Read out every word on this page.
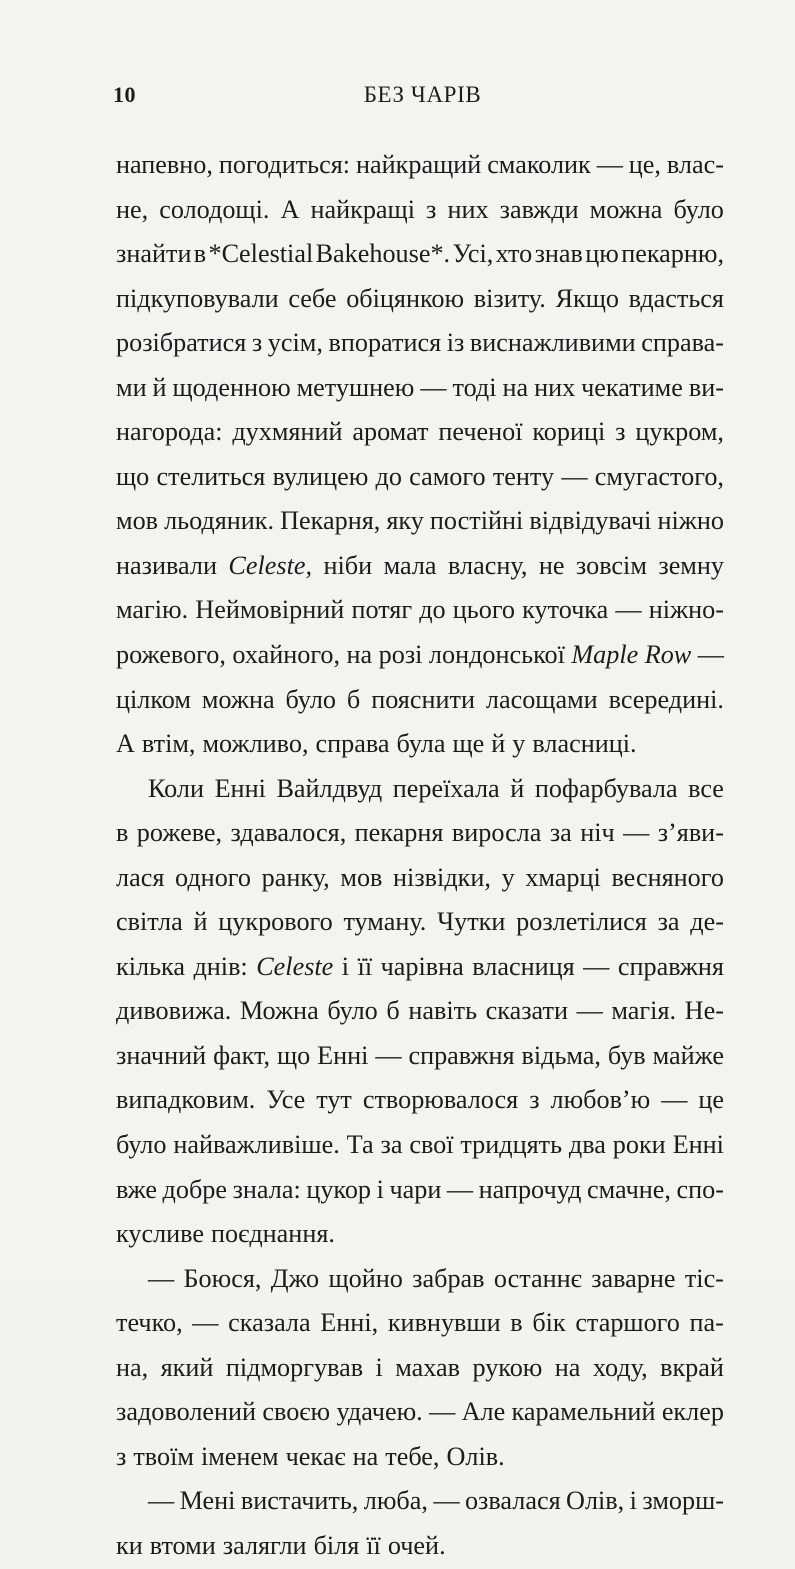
10	БЕЗ ЧАРІВ
напевно, погодиться: найкращий смаколик — це, влас-
не, солодощі. А найкращі з них завжди можна було
знайти в *Celestial Bakehouse*. Усі, хто знав цю пекарню,
підкуповували себе обіцянкою візиту. Якщо вдасться
розібратися з усім, впоратися із виснажливими справа-
ми й щоденною метушнею — тоді на них чекатиме ви-
нагорода: духмяний аромат печеної кориці з цукром,
що стелиться вулицею до самого тенту — смугастого,
мов льодяник. Пекарня, яку постійні відвідувачі ніжно
називали Celeste, ніби мала власну, не зовсім земну
магію. Неймовірний потяг до цього куточка — ніжно-
рожевого, охайного, на розі лондонської Maple Row —
цілком можна було б пояснити ласощами всередині.
А втім, можливо, справа була ще й у власниці.
Коли Енні Вайлдвуд переїхала й пофарбувала все
в рожеве, здавалося, пекарня виросла за ніч — з’яви-
лася одного ранку, мов нізвідки, у хмарці весняного
світла й цукрового туману. Чутки розлетілися за де-
кілька днів: Celeste і її чарівна власниця — справжня
дивовижа. Можна було б навіть сказати — магія. Не-
значний факт, що Енні — справжня відьма, був майже
випадковим. Усе тут створювалося з любов’ю — це
було найважливіше. Та за свої тридцять два роки Енні
вже добре знала: цукор і чари — напрочуд смачне, спо-
кусливе поєднання.
— Боюся, Джо щойно забрав останнє заварне тіс-
течко, — сказала Енні, кивнувши в бік старшого па-
на, який підморгував і махав рукою на ходу, вкрай
задоволений своєю удачею. — Але карамельний еклер
з твоїм іменем чекає на тебе, Олів.
— Мені вистачить, люба, — озвалася Олів, і зморш-
ки втоми залягли біля її очей.
